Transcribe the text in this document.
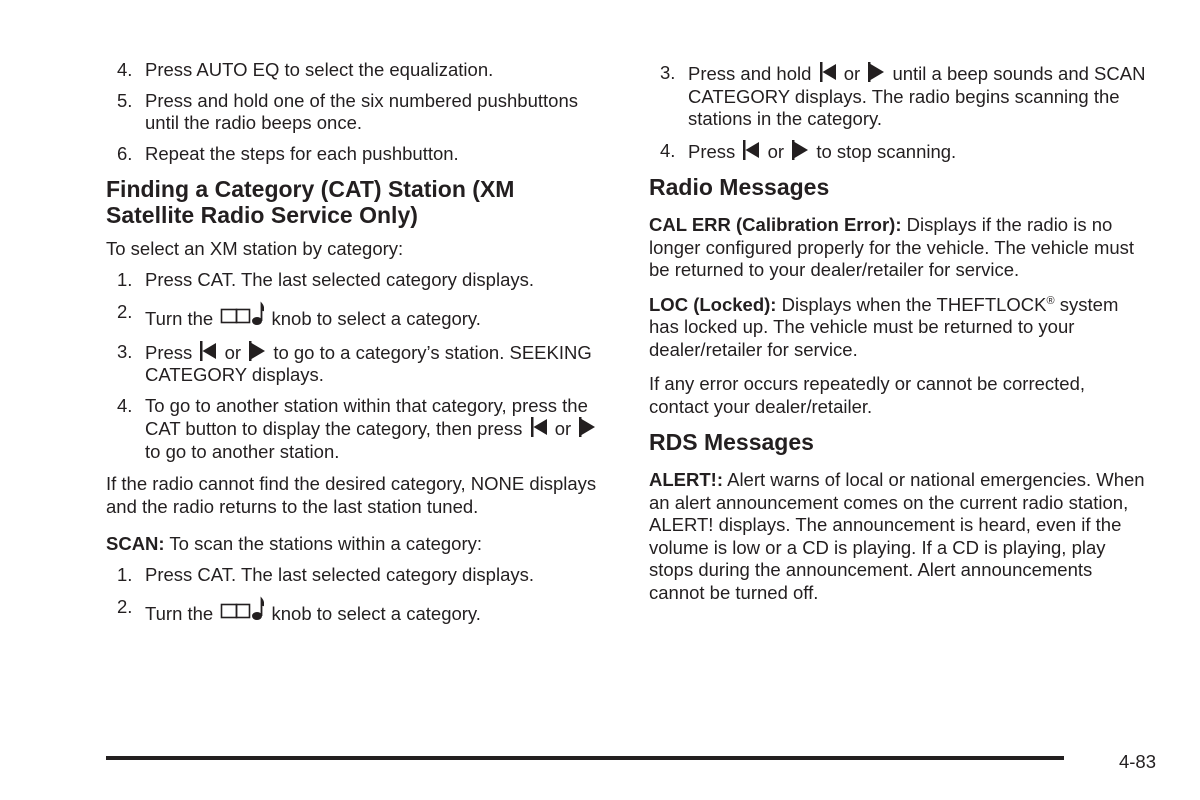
4. Press AUTO EQ to select the equalization.
5. Press and hold one of the six numbered pushbuttons until the radio beeps once.
6. Repeat the steps for each pushbutton.
Finding a Category (CAT) Station (XM Satellite Radio Service Only)

To select an XM station by category:

1. Press CAT. The last selected category displays.
2. Turn the	knob to select a category.
3. Press or to go to a category’s station. SEEKING CATEGORY displays.
4. To go to another station within that category, press the CAT button to display the category, then press or  to go to another station.

If the radio cannot find the desired category, NONE displays and the radio returns to the last station tuned.

SCAN: To scan the stations within a category:

1. Press CAT. The last selected category displays.
2. Turn the	knob to select a category.
3. Press and hold or until a beep sounds and SCAN CATEGORY displays. The radio begins scanning the stations in the category.
4. Press or to stop scanning.
Radio Messages

CAL ERR (Calibration Error): Displays if the radio is no longer configured properly for the vehicle. The vehicle must be returned to your dealer/retailer for service.

LOC (Locked): Displays when the THEFTLOCK® system has locked up. The vehicle must be returned to your dealer/retailer for service.

If any error occurs repeatedly or cannot be corrected, contact your dealer/retailer.

RDS Messages

ALERT!: Alert warns of local or national emergencies. When an alert announcement comes on the current radio station, ALERT! displays. The announcement is heard, even if the volume is low or a CD is playing. If a CD is playing, play stops during the announcement. Alert announcements cannot be turned off.

4-83
